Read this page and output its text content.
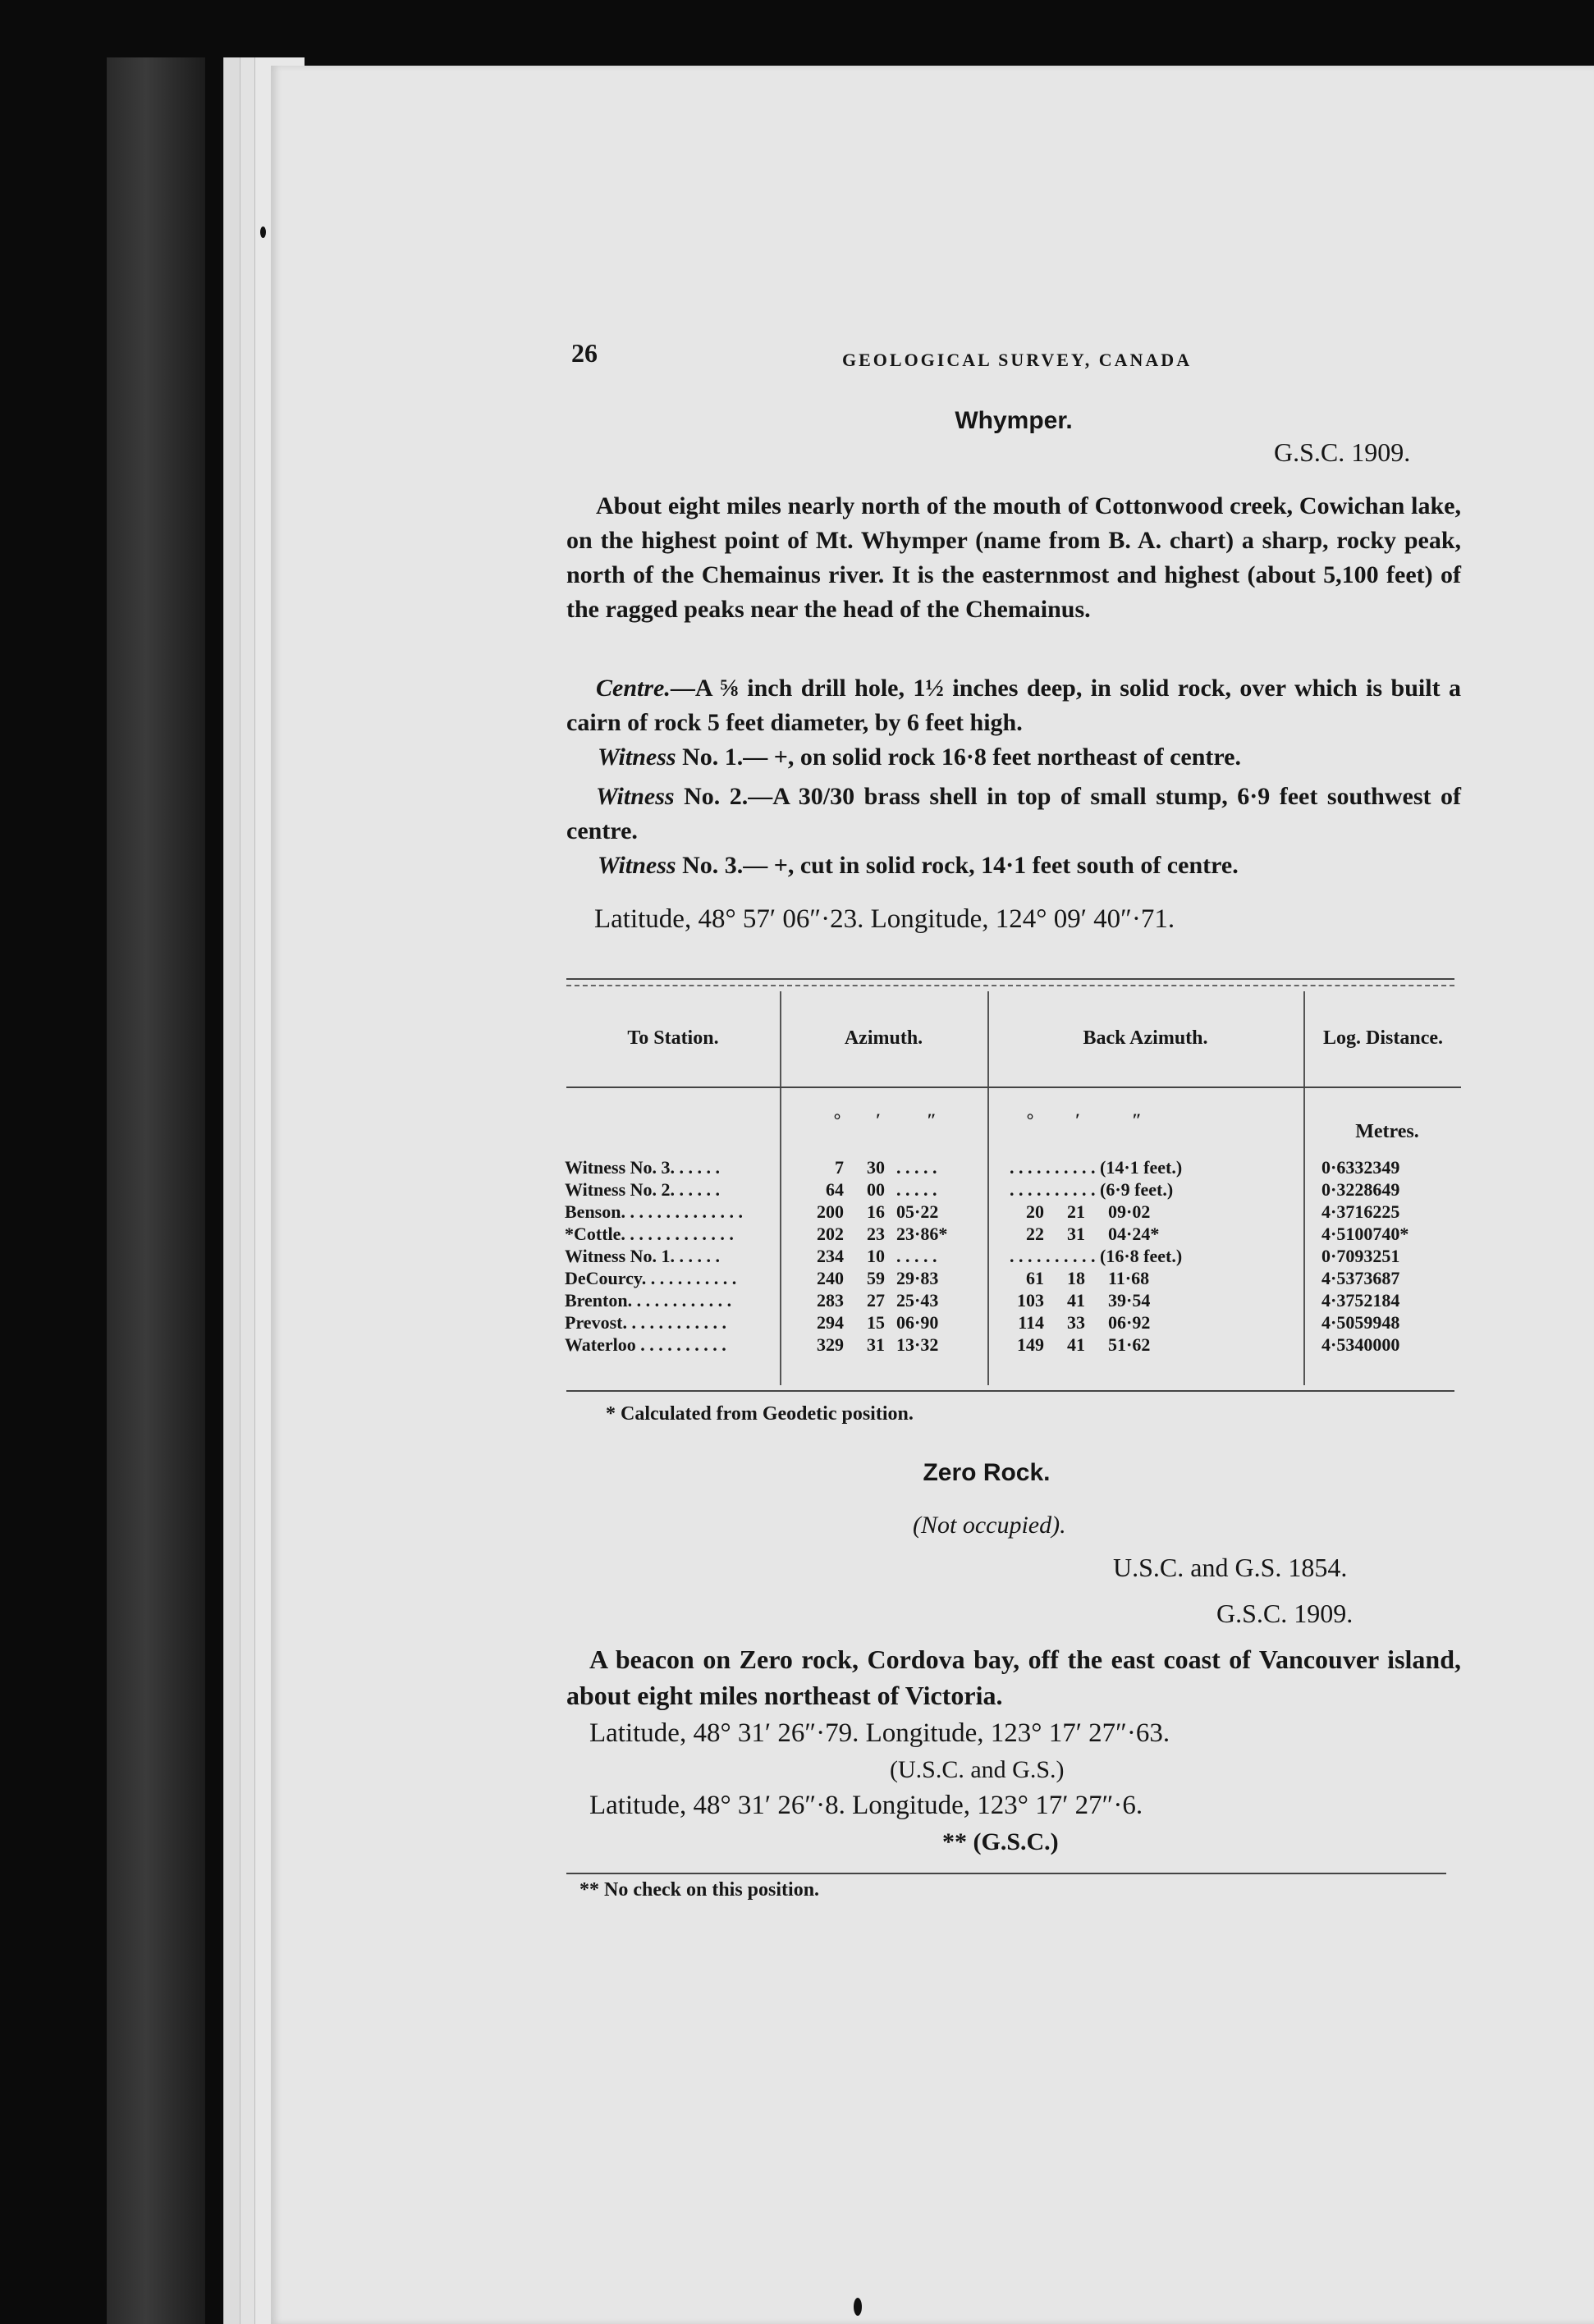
26	GEOLOGICAL SURVEY, CANADA
Whymper.
G.S.C. 1909.

About eight miles nearly north of the mouth of Cottonwood creek, Cowichan lake, on the highest point of Mt. Whymper (name from B. A. chart) a sharp, rocky peak, north of the Chemainus river. It is the easternmost and highest (about 5,100 feet) of the ragged peaks near the head of the Chemainus.

Centre.—A ⅝ inch drill hole, 1½ inches deep, in solid rock, over which is built a cairn of rock 5 feet diameter, by 6 feet high.

Witness No. 1.— +, on solid rock 16·8 feet northeast of centre.

Witness No. 2.—A 30/30 brass shell in top of small stump, 6·9 feet southwest of centre.

Witness No. 3.— +, cut in solid rock, 14·1 feet south of centre.
Latitude, 48° 57′ 06″·23. Longitude, 124° 09′ 40″·71.
To Station.	Azimuth.	Back Azimuth.	Log. Distance.
°	′	″	°	′	″
Metres.
Witness No. 3. . . . . .	7	30 . . . . .	. . . . . . . . . . (14·1 feet.)	0·6332349
Witness No. 2. . . . . .	64	00 . . . . .	. . . . . . . . . . (6·9 feet.)	0·3228649
Benson. . . . . . . . . . . . . .	200	16 05·22	20	21 09·02	4·3716225
*Cottle. . . . . . . . . . . . .	202	23 23·86*	22	31 04·24*	4·5100740*
Witness No. 1. . . . . .	234	10 . . . . .	. . . . . . . . . . (16·8 feet.)	0·7093251
DeCourcy. . . . . . . . . . .	240	59 29·83	61	18 11·68	4·5373687
Brenton. . . . . . . . . . . .	283	27 25·43	103	41 39·54	4·3752184
Prevost. . . . . . . . . . . .	294	15 06·90	114	33 06·92	4·5059948
Waterloo . . . . . . . . . .	329	31 13·32	149	41 51·62	4·5340000
* Calculated from Geodetic position.
Zero Rock.
(Not occupied).
U.S.C. and G.S. 1854.
G.S.C. 1909.

A beacon on Zero rock, Cordova bay, off the east coast of Vancouver island, about eight miles northeast of Victoria.

Latitude, 48° 31′ 26″·79. Longitude, 123° 17′ 27″·63.
(U.S.C. and G.S.)
Latitude, 48° 31′ 26″·8. Longitude, 123° 17′ 27″·6.
** (G.S.C.)
** No check on this position.
